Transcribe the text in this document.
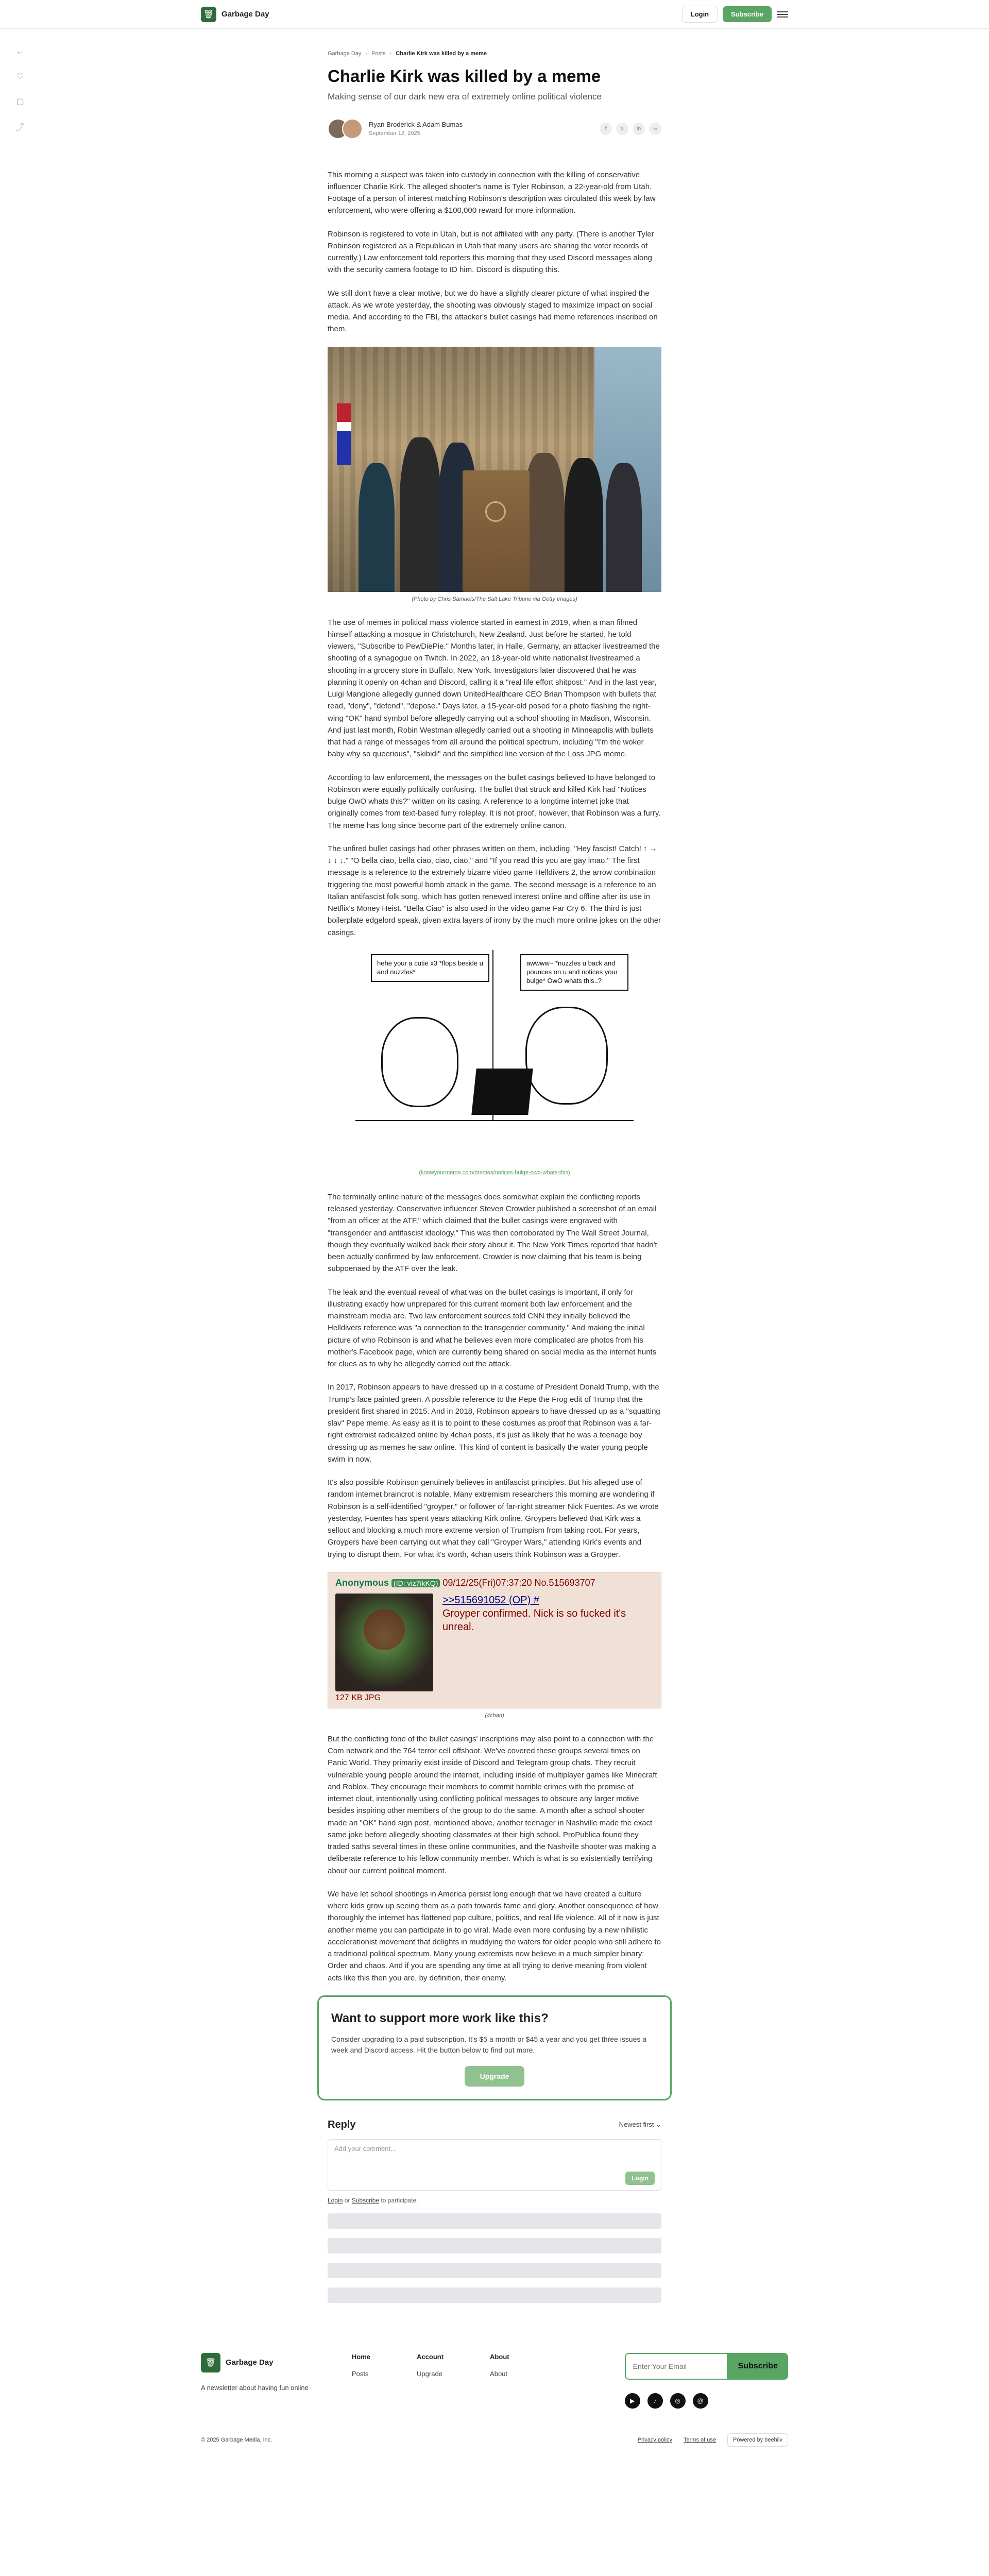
🗑 Garbage Day	Login	Subscribe
←
♡
▢
⤴
Garbage Day › Posts › Charlie Kirk was killed by a meme
Charlie Kirk was killed by a meme
Making sense of our dark new era of extremely online political violence
Ryan Broderick & Adam Bumas
September 12, 2025
f	x	in	∞

This morning a suspect was taken into custody in connection with the killing of conservative influencer Charlie Kirk. The alleged shooter's name is Tyler Robinson, a 22-year-old from Utah. Footage of a person of interest matching Robinson's description was circulated this week by law enforcement, who were offering a $100,000 reward for more information.

Robinson is registered to vote in Utah, but is not affiliated with any party. (There is another Tyler Robinson registered as a Republican in Utah that many users are sharing the voter records of currently.) Law enforcement told reporters this morning that they used Discord messages along with the security camera footage to ID him. Discord is disputing this.

We still don't have a clear motive, but we do have a slightly clearer picture of what inspired the attack. As we wrote yesterday, the shooting was obviously staged to maximize impact on social media. And according to the FBI, the attacker's bullet casings had meme references inscribed on them.

(Photo by Chris Samuels/The Salt Lake Tribune via Getty Images)

The use of memes in political mass violence started in earnest in 2019, when a man filmed himself attacking a mosque in Christchurch, New Zealand. Just before he started, he told viewers, "Subscribe to PewDiePie." Months later, in Halle, Germany, an attacker livestreamed the shooting of a synagogue on Twitch. In 2022, an 18-year-old white nationalist livestreamed a shooting in a grocery store in Buffalo, New York. Investigators later discovered that he was planning it openly on 4chan and Discord, calling it a "real life effort shitpost." And in the last year, Luigi Mangione allegedly gunned down UnitedHealthcare CEO Brian Thompson with bullets that read, "deny", "defend", "depose." Days later, a 15-year-old posed for a photo flashing the right-wing "OK" hand symbol before allegedly carrying out a school shooting in Madison, Wisconsin. And just last month, Robin Westman allegedly carried out a shooting in Minneapolis with bullets that had a range of messages from all around the political spectrum, including "I'm the woker baby why so queerious", "skibidi" and the simplified line version of the Loss JPG meme.

According to law enforcement, the messages on the bullet casings believed to have belonged to Robinson were equally politically confusing. The bullet that struck and killed Kirk had "Notices bulge OwO whats this?" written on its casing. A reference to a longtime internet joke that originally comes from text-based furry roleplay. It is not proof, however, that Robinson was a furry. The meme has long since become part of the extremely online canon.

The unfired bullet casings had other phrases written on them, including, "Hey fascist! Catch! ↑ → ↓ ↓ ↓." "O bella ciao, bella ciao, ciao, ciao," and "If you read this you are gay lmao." The first message is a reference to the extremely bizarre video game Helldivers 2, the arrow combination triggering the most powerful bomb attack in the game. The second message is a reference to an Italian antifascist folk song, which has gotten renewed interest online and offline after its use in Netflix's Money Heist. "Bella Ciao" is also used in the video game Far Cry 6. The third is just boilerplate edgelord speak, given extra layers of irony by the much more online jokes on the other casings.

hehe your a cutie x3 *flops beside u and nuzzles*
awwww~ *nuzzles u back and pounces on u and notices your bulge* OwO whats this..?
(knowyourmeme.com/memes/notices-bulge-owo-whats-this)

The terminally online nature of the messages does somewhat explain the conflicting reports released yesterday. Conservative influencer Steven Crowder published a screenshot of an email "from an officer at the ATF," which claimed that the bullet casings were engraved with "transgender and antifascist ideology." This was then corroborated by The Wall Street Journal, though they eventually walked back their story about it. The New York Times reported that hadn't been actually confirmed by law enforcement. Crowder is now claiming that his team is being subpoenaed by the ATF over the leak.

The leak and the eventual reveal of what was on the bullet casings is important, if only for illustrating exactly how unprepared for this current moment both law enforcement and the mainstream media are. Two law enforcement sources told CNN they initially believed the Helldivers reference was "a connection to the transgender community." And making the initial picture of who Robinson is and what he believes even more complicated are photos from his mother's Facebook page, which are currently being shared on social media as the internet hunts for clues as to why he allegedly carried out the attack.

In 2017, Robinson appears to have dressed up in a costume of President Donald Trump, with the Trump's face painted green. A possible reference to the Pepe the Frog edit of Trump that the president first shared in 2015. And in 2018, Robinson appears to have dressed up as a "squatting slav" Pepe meme. As easy as it is to point to these costumes as proof that Robinson was a far-right extremist radicalized online by 4chan posts, it's just as likely that he was a teenage boy dressing up as memes he saw online. This kind of content is basically the water young people swim in now.

It's also possible Robinson genuinely believes in antifascist principles. But his alleged use of random internet braincrot is notable. Many extremism researchers this morning are wondering if Robinson is a self-identified "groyper," or follower of far-right streamer Nick Fuentes. As we wrote yesterday, Fuentes has spent years attacking Kirk online. Groypers believed that Kirk was a sellout and blocking a much more extreme version of Trumpism from taking root. For years, Groypers have been carrying out what they call "Groyper Wars," attending Kirk's events and trying to disrupt them. For what it's worth, 4chan users think Robinson was a Groyper.

Anonymous (ID: viz7ikKQ) 09/12/25(Fri)07:37:20 No.515693707
127 KB JPG
>>515691052 (OP) #
Groyper confirmed. Nick is so fucked it's unreal.
(4chan)

But the conflicting tone of the bullet casings' inscriptions may also point to a connection with the Com network and the 764 terror cell offshoot. We've covered these groups several times on Panic World. They primarily exist inside of Discord and Telegram group chats. They recruit vulnerable young people around the internet, including inside of multiplayer games like Minecraft and Roblox. They encourage their members to commit horrible crimes with the promise of internet clout, intentionally using conflicting political messages to obscure any larger motive besides inspiring other members of the group to do the same. A month after a school shooter made an "OK" hand sign post, mentioned above, another teenager in Nashville made the exact same joke before allegedly shooting classmates at their high school. ProPublica found they traded saths several times in these online communities, and the Nashville shooter was making a deliberate reference to his fellow community member. Which is what is so existentially terrifying about our current political moment.

We have let school shootings in America persist long enough that we have created a culture where kids grow up seeing them as a path towards fame and glory. Another consequence of how thoroughly the internet has flattened pop culture, politics, and real life violence. All of it now is just another meme you can participate in to go viral. Made even more confusing by a new nihilistic accelerationist movement that delights in muddying the waters for older people who still adhere to a traditional political spectrum. Many young extremists now believe in a much simpler binary: Order and chaos. And if you are spending any time at all trying to derive meaning from violent acts like this then you are, by definition, their enemy.

Want to support more work like this?

Consider upgrading to a paid subscription. It's $5 a month or $45 a year and you get three issues a week and Discord access. Hit the button below to find out more.

Upgrade
Reply	Newest first ⌄
Add your comment...
Login
Login or Subscribe to participate.
🗑	Garbage Day
A newsletter about having fun online
Home
Posts
Account
Upgrade
About
About
Enter Your Email
Subscribe
▶	♪	◎	@
© 2025 Garbage Media, Inc.	Privacy policy Terms of use	Powered by beehiiv
